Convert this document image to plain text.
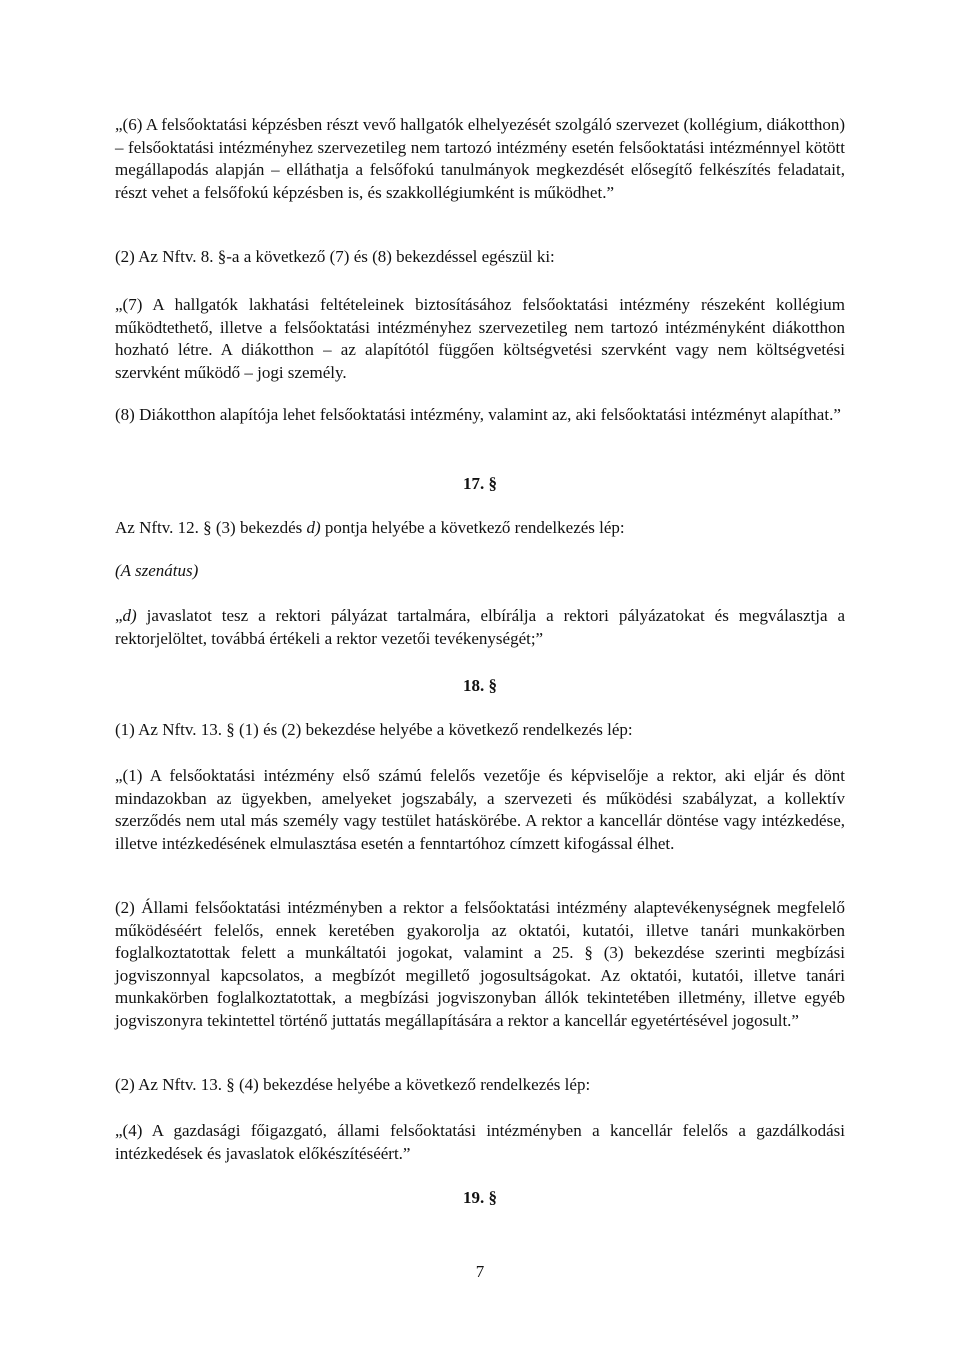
„(6) A felsőoktatási képzésben részt vevő hallgatók elhelyezését szolgáló szervezet (kollégium, diákotthon) – felsőoktatási intézményhez szervezetileg nem tartozó intézmény esetén felsőoktatási intézménnyel kötött megállapodás alapján – elláthatja a felsőfokú tanulmányok megkezdését elősegítő felkészítés feladatait, részt vehet a felsőfokú képzésben is, és szakkollégiumként is működhet.”

(2) Az Nftv. 8. §-a a következő (7) és (8) bekezdéssel egészül ki:

„(7) A hallgatók lakhatási feltételeinek biztosításához felsőoktatási intézmény részeként kollégium működtethető, illetve a felsőoktatási intézményhez szervezetileg nem tartozó intézményként diákotthon hozható létre. A diákotthon – az alapítótól függően költségvetési szervként vagy nem költségvetési szervként működő – jogi személy.

(8) Diákotthon alapítója lehet felsőoktatási intézmény, valamint az, aki felsőoktatási intézményt alapíthat.”

17. §

Az Nftv. 12. § (3) bekezdés d) pontja helyébe a következő rendelkezés lép:

(A szenátus)

„d) javaslatot tesz a rektori pályázat tartalmára, elbírálja a rektori pályázatokat és megválasztja a rektorjelöltet, továbbá értékeli a rektor vezetői tevékenységét;”

18. §

(1) Az Nftv. 13. § (1) és (2) bekezdése helyébe a következő rendelkezés lép:

„(1) A felsőoktatási intézmény első számú felelős vezetője és képviselője a rektor, aki eljár és dönt mindazokban az ügyekben, amelyeket jogszabály, a szervezeti és működési szabályzat, a kollektív szerződés nem utal más személy vagy testület hatáskörébe. A rektor a kancellár döntése vagy intézkedése, illetve intézkedésének elmulasztása esetén a fenntartóhoz címzett kifogással élhet.

(2) Állami felsőoktatási intézményben a rektor a felsőoktatási intézmény alaptevékenységnek megfelelő működéséért felelős, ennek keretében gyakorolja az oktatói, kutatói, illetve tanári munkakörben foglalkoztatottak felett a munkáltatói jogokat, valamint a 25. § (3) bekezdése szerinti megbízási jogviszonnyal kapcsolatos, a megbízót megillető jogosultságokat. Az oktatói, kutatói, illetve tanári munkakörben foglalkoztatottak, a megbízási jogviszonyban állók tekintetében illetmény, illetve egyéb jogviszonyra tekintettel történő juttatás megállapítására a rektor a kancellár egyetértésével jogosult.”

(2) Az Nftv. 13. § (4) bekezdése helyébe a következő rendelkezés lép:

„(4) A gazdasági főigazgató, állami felsőoktatási intézményben a kancellár felelős a gazdálkodási intézkedések és javaslatok előkészítéséért.”

19. §

7
